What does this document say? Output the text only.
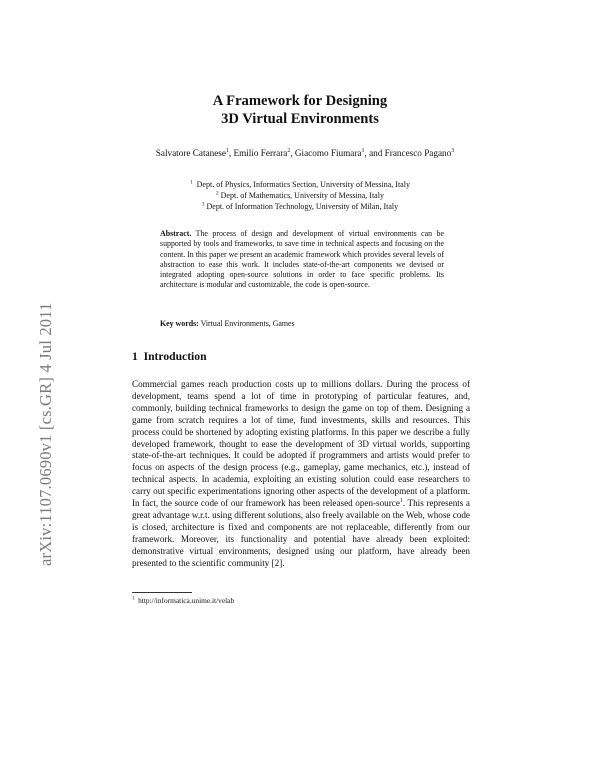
arXiv:1107.0690v1 [cs.GR] 4 Jul 2011
A Framework for Designing
3D Virtual Environments
Salvatore Catanese$^1$, Emilio Ferrara$^2$, Giacomo Fiumara$^1$, and Francesco Pagano$^3$
$^1$ Dept. of Physics, Informatics Section, University of Messina, Italy
$^2$ Dept. of Mathematics, University of Messina, Italy
$^3$ Dept. of Information Technology, University of Milan, Italy
Abstract. The process of design and development of virtual environments can be supported by tools and frameworks, to save time in technical aspects and focusing on the content. In this paper we present an academic framework which provides several levels of abstraction to ease this work. It includes state-of-the-art components we devised or integrated adopting open-source solutions in order to face specific problems. Its architecture is modular and customizable, the code is open-source.
Key words: Virtual Environments, Games
1 Introduction
Commercial games reach production costs up to millions dollars. During the process of development, teams spend a lot of time in prototyping of particular features, and, commonly, building technical frameworks to design the game on top of them. Designing a game from scratch requires a lot of time, fund investments, skills and resources. This process could be shortened by adopting existing platforms. In this paper we describe a fully developed framework, thought to ease the development of 3D virtual worlds, supporting state-of-the-art techniques. It could be adopted if programmers and artists would prefer to focus on aspects of the design process (e.g., gameplay, game mechanics, etc.), instead of technical aspects. In academia, exploiting an existing solution could ease researchers to carry out specific experimentations ignoring other aspects of the development of a platform. In fact, the source code of our framework has been released open-source$^1$. This represents a great advantage w.r.t. using different solutions, also freely available on the Web, whose code is closed, architecture is fixed and components are not replaceable, differently from our framework. Moreover, its functionality and potential have already been exploited: demonstrative virtual environments, designed using our platform, have already been presented to the scientific community [2].
$^1$ http://informatica.unime.it/velab
